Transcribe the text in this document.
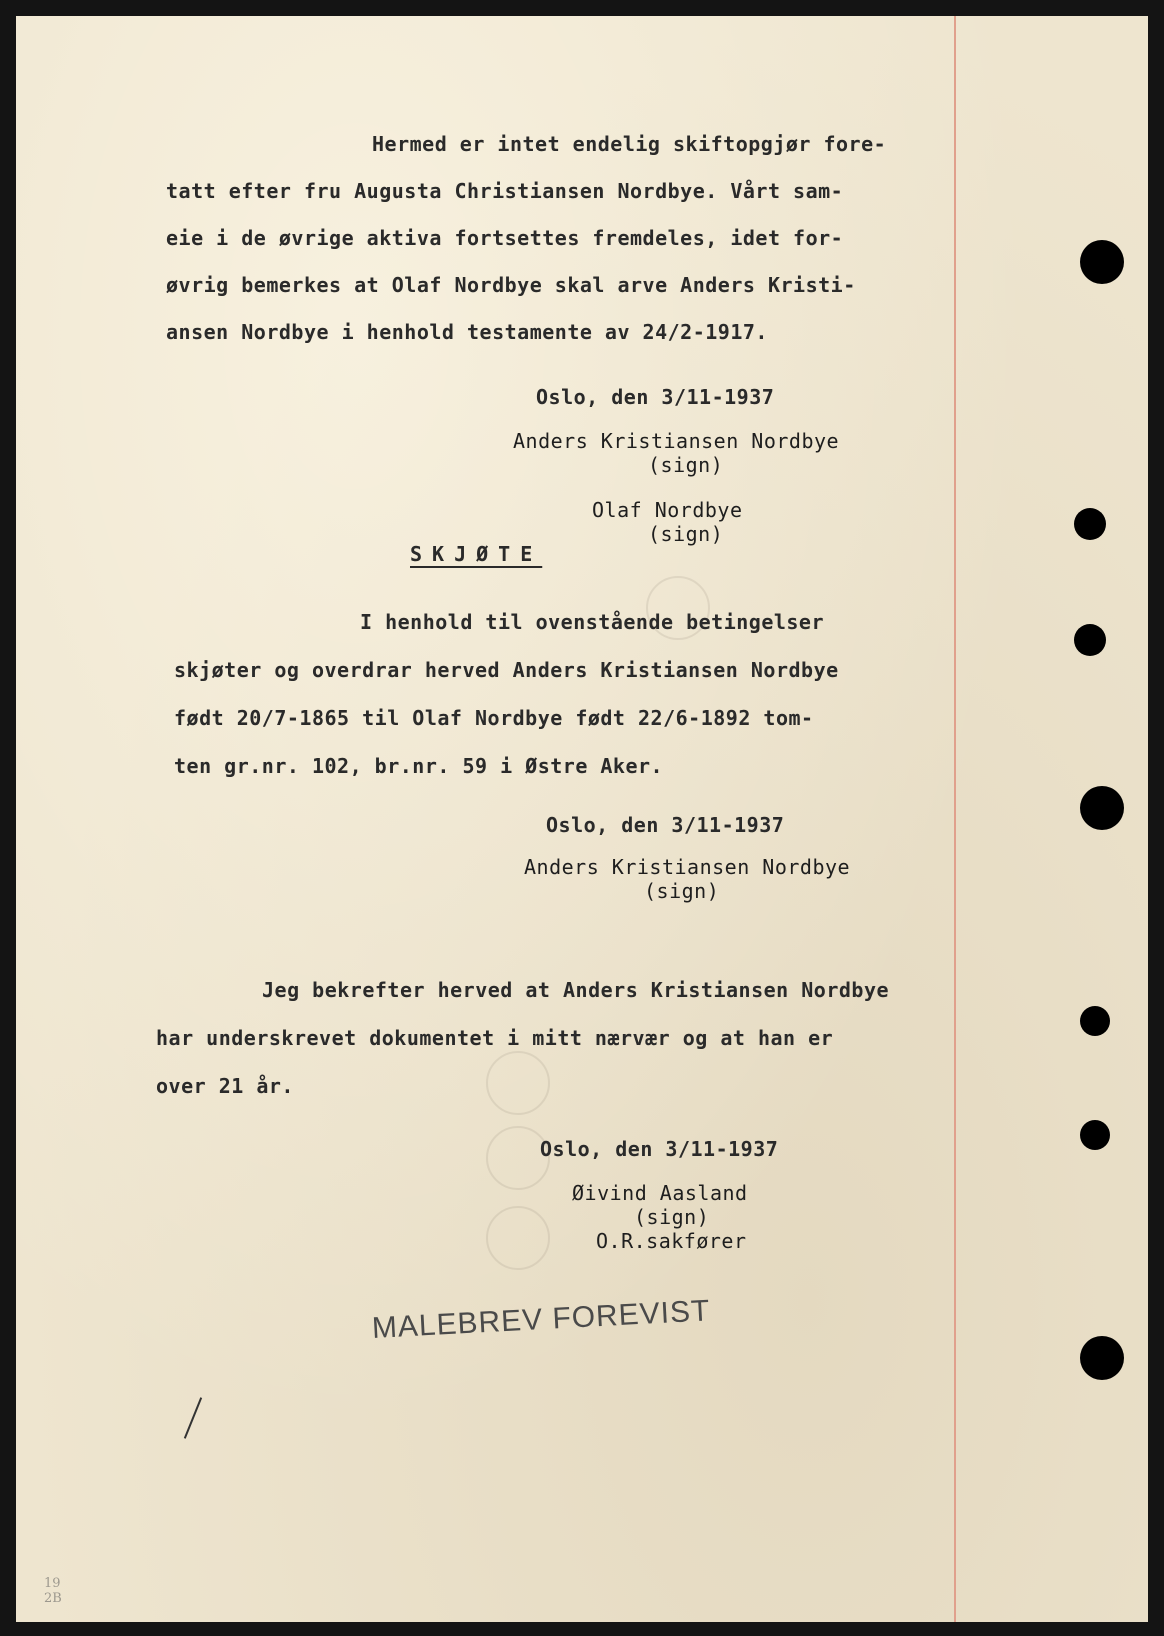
Hermed er intet endelig skiftopgjør fore-
tatt efter fru Augusta Christiansen Nordbye. Vårt sam-
eie i de øvrige aktiva fortsettes fremdeles, idet for-
øvrig bemerkes at Olaf Nordbye skal arve Anders Kristi-
ansen Nordbye i henhold testamente av 24/2-1917.
Oslo, den 3/11-1937
Anders Kristiansen Nordbye
(sign)
Olaf Nordbye
(sign)
SKJØTE
I henhold til ovenstående betingelser
skjøter og overdrar herved Anders Kristiansen Nordbye
født 20/7-1865 til Olaf Nordbye født 22/6-1892 tom-
ten gr.nr. 102, br.nr. 59 i Østre Aker.
Oslo, den 3/11-1937
Anders Kristiansen Nordbye
(sign)
Jeg bekrefter herved at Anders Kristiansen Nordbye
har underskrevet dokumentet i mitt nærvær og at han er
over 21 år.
Oslo, den 3/11-1937
Øivind Aasland
(sign)
O.R.sakfører
MALEBREV FOREVIST
19
2B
